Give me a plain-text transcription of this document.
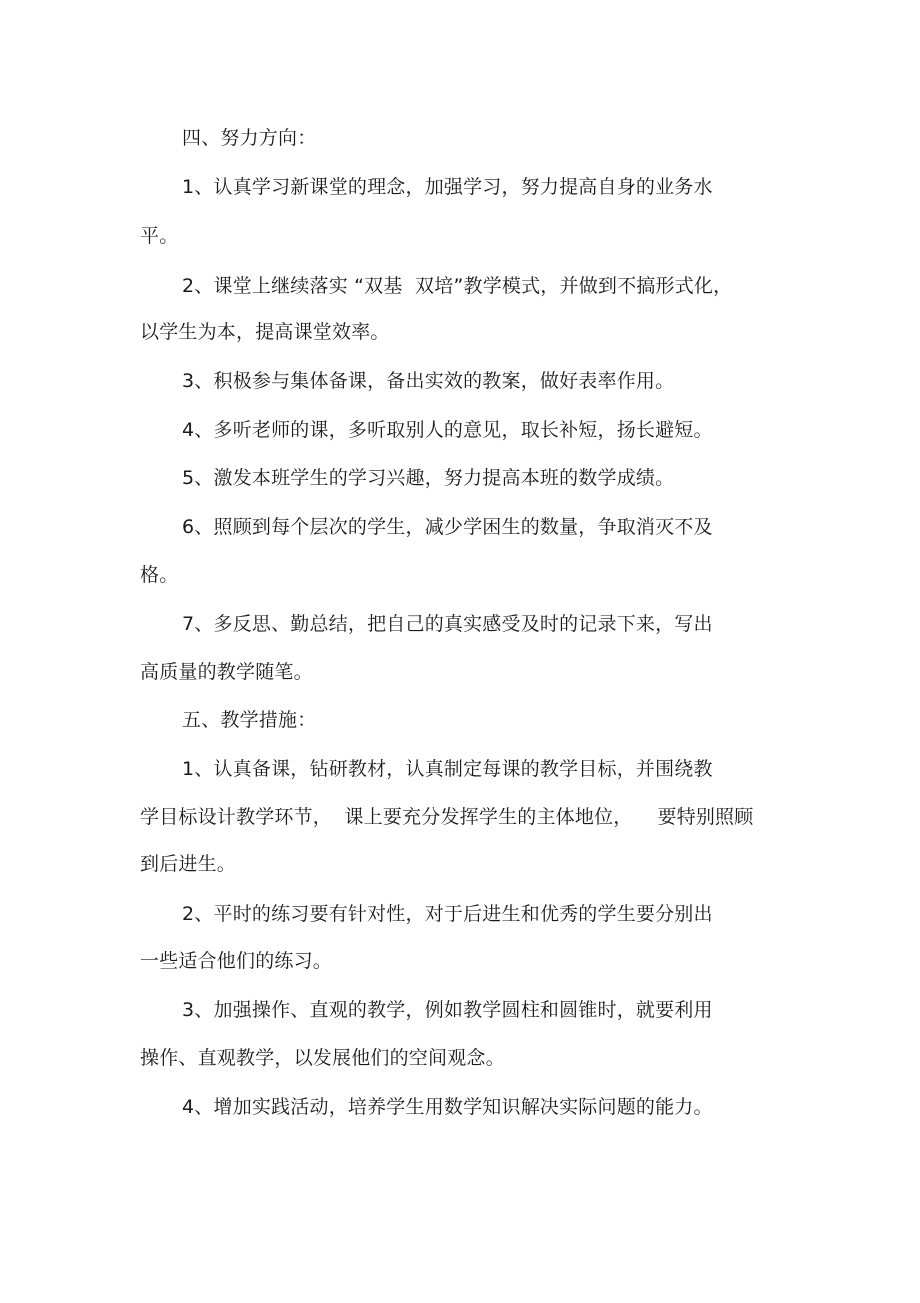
四、努力方向：
1、认真学习新课堂的理念，加强学习，努力提高自身的业务水
平。
2、课堂上继续落实 “双基  双培”教学模式，并做到不搞形式化，
以学生为本，提高课堂效率。
3、积极参与集体备课，备出实效的教案，做好表率作用。
4、多听老师的课，多听取别人的意见，取长补短，扬长避短。
5、激发本班学生的学习兴趣，努力提高本班的数学成绩。
6、照顾到每个层次的学生，减少学困生的数量，争取消灭不及
格。
7、多反思、勤总结，把自己的真实感受及时的记录下来，写出
高质量的教学随笔。
五、教学措施：
1、认真备课，钻研教材，认真制定每课的教学目标，并围绕教
学目标设计教学环节，  课上要充分发挥学生的主体地位，    要特别照顾
到后进生。
2、平时的练习要有针对性，对于后进生和优秀的学生要分别出
一些适合他们的练习。
3、加强操作、直观的教学，例如教学圆柱和圆锥时，就要利用
操作、直观教学，以发展他们的空间观念。
4、增加实践活动，培养学生用数学知识解决实际问题的能力。
